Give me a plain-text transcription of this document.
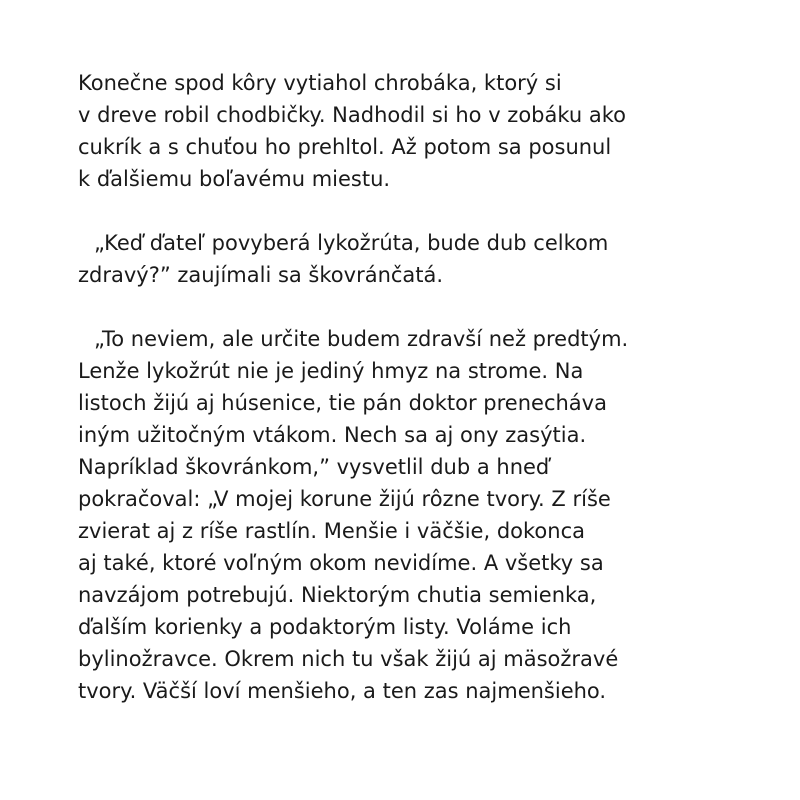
Konečne spod kôry vytiahol chrobáka, ktorý si
v dreve robil chodbičky. Nadhodil si ho v zobáku ako
cukrík a s chuťou ho prehltol. Až potom sa posunul
k ďalšiemu boľavému miestu.

„Keď ďateľ povyberá lykožrúta, bude dub celkom
zdravý?” zaujímali sa škovránčatá.

„To neviem, ale určite budem zdravší než predtým.
Lenže lykožrút nie je jediný hmyz na strome. Na
listoch žijú aj húsenice, tie pán doktor prenecháva
iným užitočným vtákom. Nech sa aj ony zasýtia.
Napríklad škovránkom,” vysvetlil dub a hneď
pokračoval: „V mojej korune žijú rôzne tvory. Z ríše
zvierat aj z ríše rastlín. Menšie i väčšie, dokonca
aj také, ktoré voľným okom nevidíme. A všetky sa
navzájom potrebujú. Niektorým chutia semienka,
ďalším korienky a podaktorým listy. Voláme ich
bylinožravce. Okrem nich tu však žijú aj mäsožravé
tvory. Väčší loví menšieho, a ten zas najmenšieho.
